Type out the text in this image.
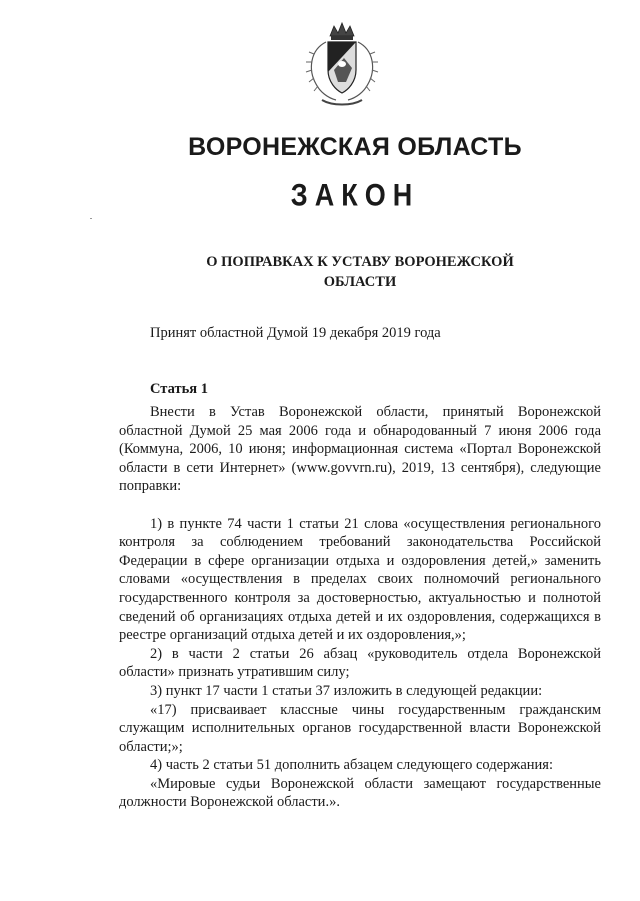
ВОРОНЕЖСКАЯ ОБЛАСТЬ
ЗАКОН
О ПОПРАВКАХ К УСТАВУ ВОРОНЕЖСКОЙ ОБЛАСТИ
Принят областной Думой 19 декабря 2019 года
Статья 1

Внести в Устав Воронежской области, принятый Воронежской областной Думой 25 мая 2006 года и обнародованный 7 июня 2006 года (Коммуна, 2006, 10 июня; информационная система «Портал Воронежской области в сети Интернет» (www.govvrn.ru), 2019, 13 сентября), следующие поправки:

1) в пункте 74 части 1 статьи 21 слова «осуществления регионального контроля за соблюдением требований законодательства Российской Федерации в сфере организации отдыха и оздоровления детей,» заменить словами «осуществления в пределах своих полномочий регионального государственного контроля за достоверностью, актуальностью и полнотой сведений об организациях отдыха детей и их оздоровления, содержащихся в реестре организаций отдыха детей и их оздоровления,»;

2) в части 2 статьи 26 абзац «руководитель отдела Воронежской области» признать утратившим силу;

3) пункт 17 части 1 статьи 37 изложить в следующей редакции:

«17) присваивает классные чины государственным гражданским служащим исполнительных органов государственной власти Воронежской области;»;

4) часть 2 статьи 51 дополнить абзацем следующего содержания:

«Мировые судьи Воронежской области замещают государственные должности Воронежской области.».
